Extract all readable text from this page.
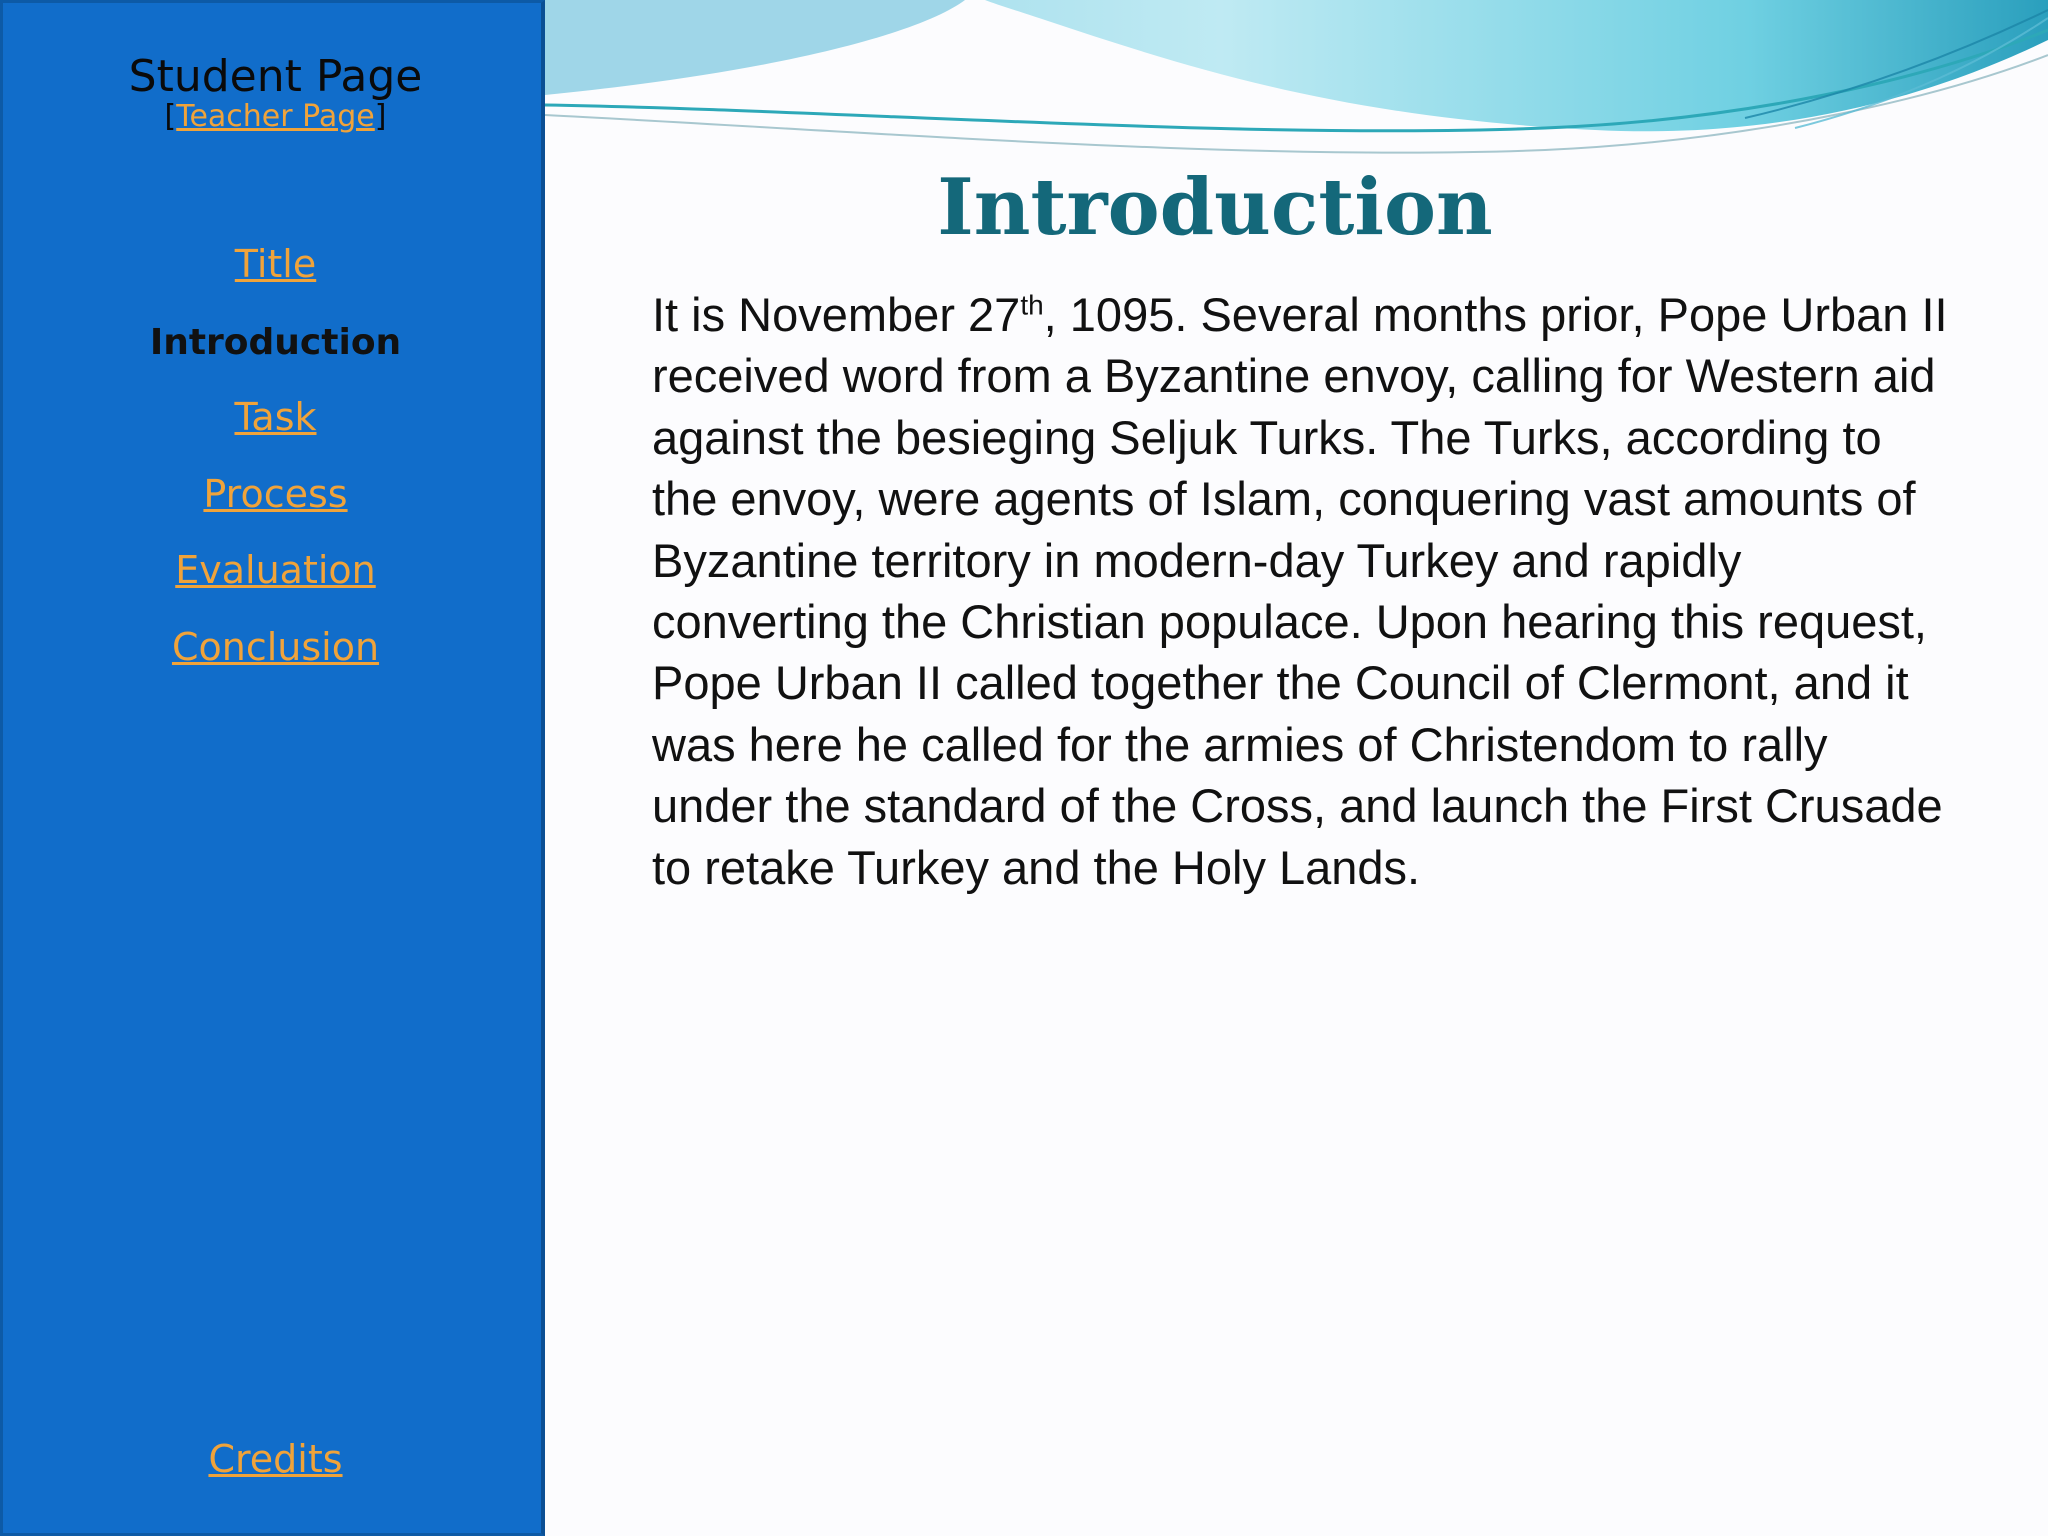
Student Page
[Teacher Page]
Title
Introduction
Task
Process
Evaluation
Conclusion
Credits
Introduction

It is November 27th, 1095. Several months prior, Pope Urban II received word from a Byzantine envoy, calling for Western aid against the besieging Seljuk Turks. The Turks, according to the envoy, were agents of Islam, conquering vast amounts of Byzantine territory in modern-day Turkey and rapidly converting the Christian populace. Upon hearing this request, Pope Urban II called together the Council of Clermont, and it was here he called for the armies of Christendom to rally under the standard of the Cross, and launch the First Crusade to retake Turkey and the Holy Lands.
